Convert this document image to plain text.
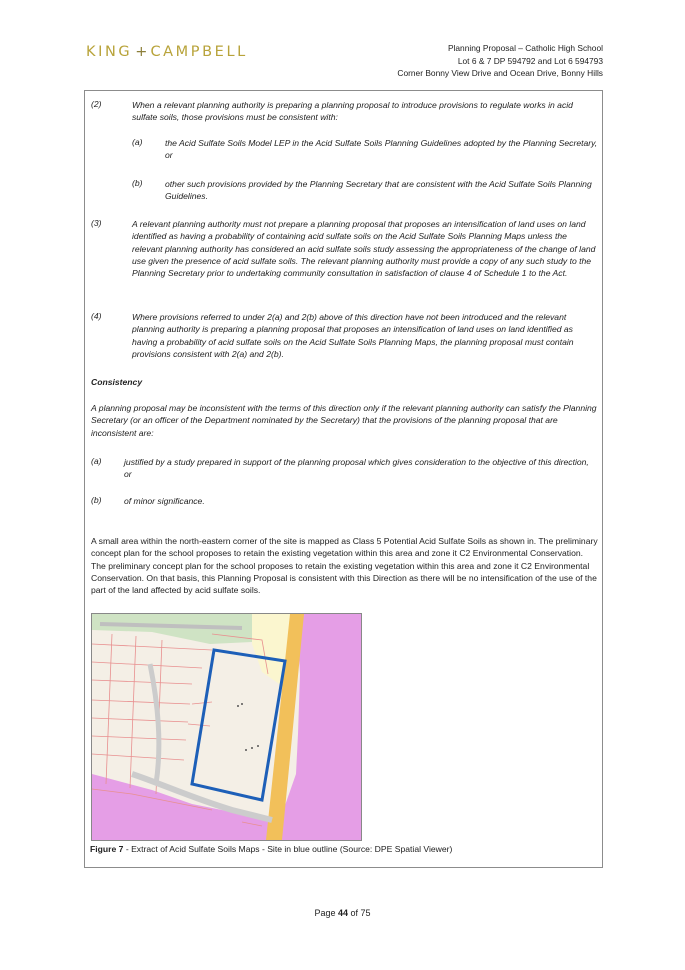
KING + CAMPBELL	Planning Proposal – Catholic High School
Lot 6 & 7 DP 594792 and Lot 6 594793
Corner Bonny View Drive and Ocean Drive, Bonny Hills
(2)	When a relevant planning authority is preparing a planning proposal to introduce provisions to regulate works in acid sulfate soils, those provisions must be consistent with:
(a)	the Acid Sulfate Soils Model LEP in the Acid Sulfate Soils Planning Guidelines adopted by the Planning Secretary, or
(b)	other such provisions provided by the Planning Secretary that are consistent with the Acid Sulfate Soils Planning Guidelines.
(3)	A relevant planning authority must not prepare a planning proposal that proposes an intensification of land uses on land identified as having a probability of containing acid sulfate soils on the Acid Sulfate Soils Planning Maps unless the relevant planning authority has considered an acid sulfate soils study assessing the appropriateness of the change of land use given the presence of acid sulfate soils. The relevant planning authority must provide a copy of any such study to the Planning Secretary prior to undertaking community consultation in satisfaction of clause 4 of Schedule 1 to the Act.
(4)	Where provisions referred to under 2(a) and 2(b) above of this direction have not been introduced and the relevant planning authority is preparing a planning proposal that proposes an intensification of land uses on land identified as having a probability of acid sulfate soils on the Acid Sulfate Soils Planning Maps, the planning proposal must contain provisions consistent with 2(a) and 2(b).
Consistency
A planning proposal may be inconsistent with the terms of this direction only if the relevant planning authority can satisfy the Planning Secretary (or an officer of the Department nominated by the Secretary) that the provisions of the planning proposal that are inconsistent are:
(a)	justified by a study prepared in support of the planning proposal which gives consideration to the objective of this direction, or
(b)	of minor significance.
A small area within the north-eastern corner of the site is mapped as Class 5 Potential Acid Sulfate Soils as shown in. The preliminary concept plan for the school proposes to retain the existing vegetation within this area and zone it C2 Environmental Conservation. The preliminary concept plan for the school proposes to retain the existing vegetation within this area and zone it C2 Environmental Conservation. On that basis, this Planning Proposal is consistent with this Direction as there will be no intensification of the use of the part of the land affected by acid sulfate soils.
Figure 7 - Extract of Acid Sulfate Soils Maps - Site in blue outline (Source: DPE Spatial Viewer)
Page 44 of 75
